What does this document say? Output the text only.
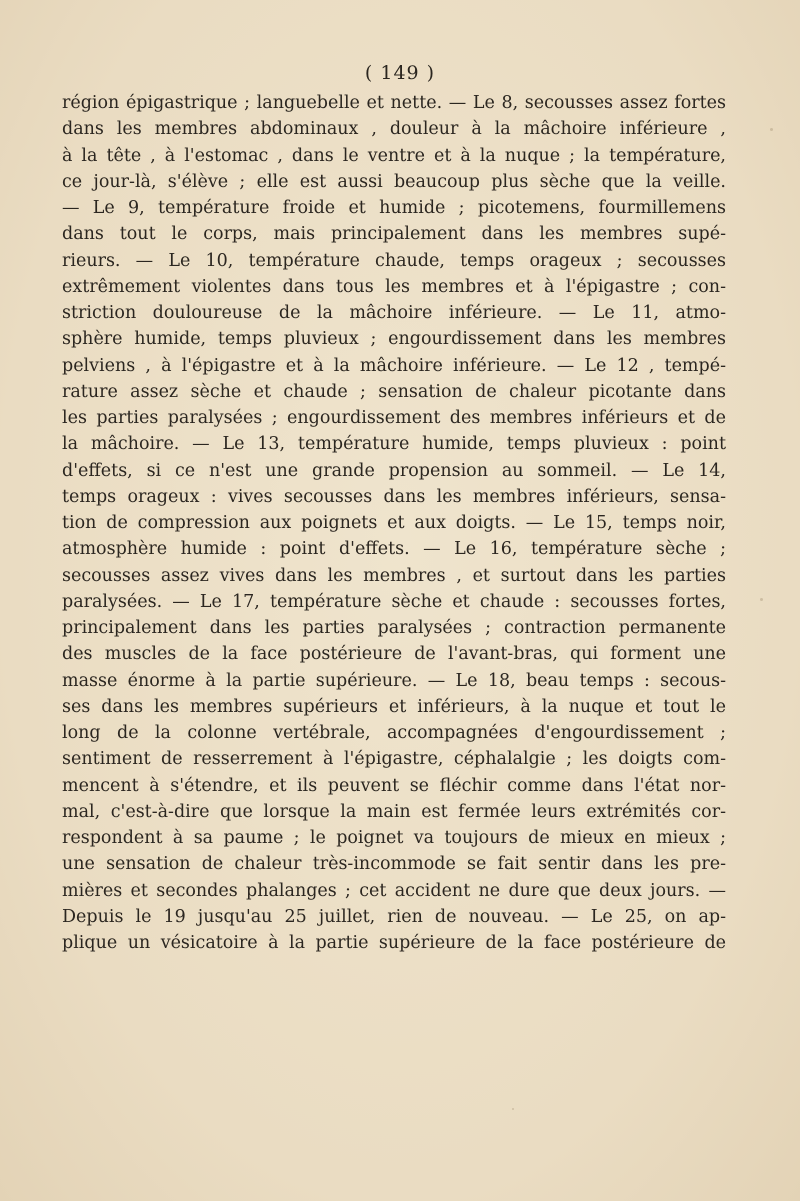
( 149 )
région épigastrique ; languebelle et nette. — Le 8, secousses assez fortes
dans les membres abdominaux , douleur à la mâchoire inférieure ,
à la tête , à l'estomac , dans le ventre et à la nuque ; la température,
ce jour-là, s'élève ; elle est aussi beaucoup plus sèche que la veille.
— Le 9, température froide et humide ; picotemens, fourmillemens
dans tout le corps, mais principalement dans les membres supé-
rieurs. — Le 10, température chaude, temps orageux ; secousses
extrêmement violentes dans tous les membres et à l'épigastre ; con-
striction douloureuse de la mâchoire inférieure. — Le 11, atmo-
sphère humide, temps pluvieux ; engourdissement dans les membres
pelviens , à l'épigastre et à la mâchoire inférieure. — Le 12 , tempé-
rature assez sèche et chaude ; sensation de chaleur picotante dans
les parties paralysées ; engourdissement des membres inférieurs et de
la mâchoire. — Le 13, température humide, temps pluvieux : point
d'effets, si ce n'est une grande propension au sommeil. — Le 14,
temps orageux : vives secousses dans les membres inférieurs, sensa-
tion de compression aux poignets et aux doigts. — Le 15, temps noir,
atmosphère humide : point d'effets. — Le 16, température sèche ;
secousses assez vives dans les membres , et surtout dans les parties
paralysées. — Le 17, température sèche et chaude : secousses fortes,
principalement dans les parties paralysées ; contraction permanente
des muscles de la face postérieure de l'avant-bras, qui forment une
masse énorme à la partie supérieure. — Le 18, beau temps : secous-
ses dans les membres supérieurs et inférieurs, à la nuque et tout le
long de la colonne vertébrale, accompagnées d'engourdissement ;
sentiment de resserrement à l'épigastre, céphalalgie ; les doigts com-
mencent à s'étendre, et ils peuvent se fléchir comme dans l'état nor-
mal, c'est-à-dire que lorsque la main est fermée leurs extrémités cor-
respondent à sa paume ; le poignet va toujours de mieux en mieux ;
une sensation de chaleur très-incommode se fait sentir dans les pre-
mières et secondes phalanges ; cet accident ne dure que deux jours. —
Depuis le 19 jusqu'au 25 juillet, rien de nouveau. — Le 25, on ap-
plique un vésicatoire à la partie supérieure de la face postérieure de
